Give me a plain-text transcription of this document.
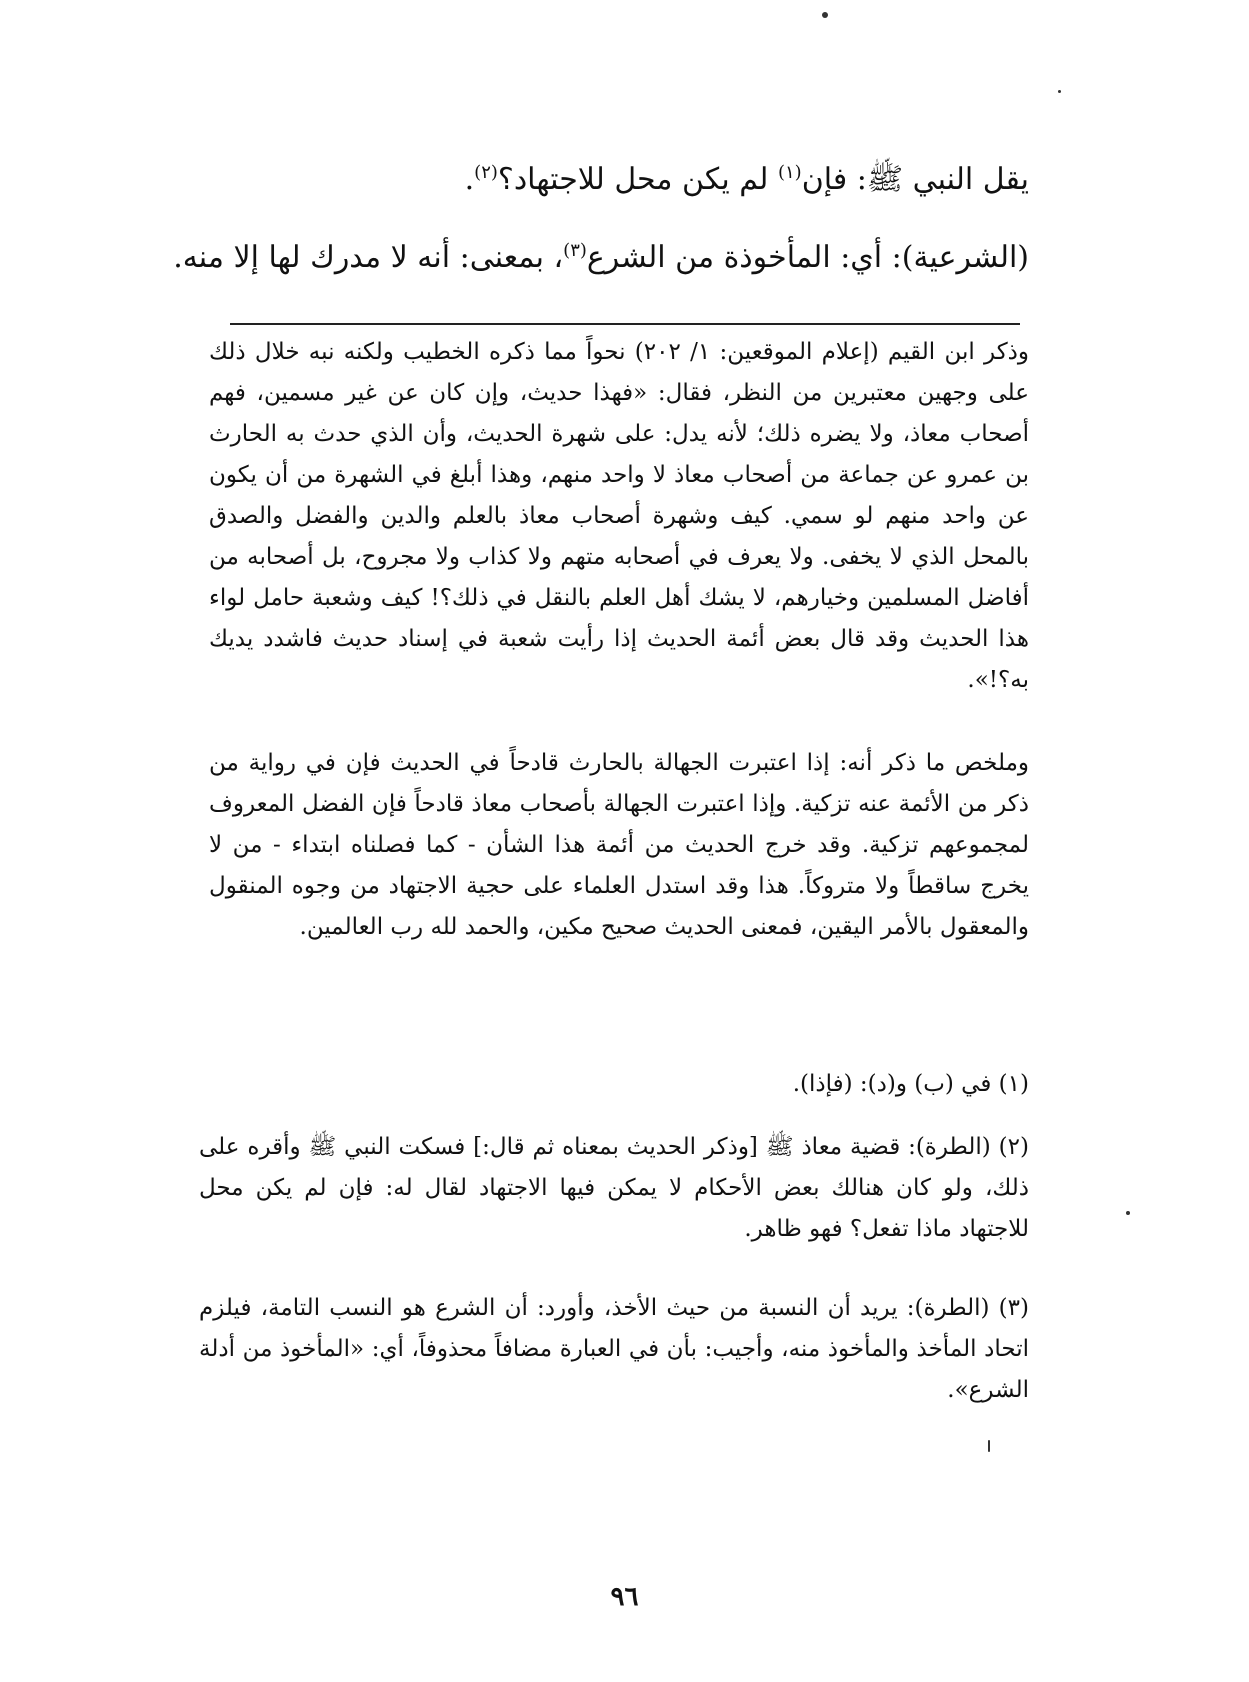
يقل النبي ﷺ: فإن$^{(١)}$ لم يكن محل للاجتهاد؟$^{(٢)}$.
(الشرعية): أي: المأخوذة من الشرع$^{(٣)}$، بمعنى: أنه لا مدرك لها إلا منه.
وذكر ابن القيم (إعلام الموقعين: ١/ ٢٠٢) نحواً مما ذكره الخطيب ولكنه نبه خلال ذلك على وجهين معتبرين من النظر، فقال: «فهذا حديث، وإن كان عن غير مسمين، فهم أصحاب معاذ، ولا يضره ذلك؛ لأنه يدل: على شهرة الحديث، وأن الذي حدث به الحارث بن عمرو عن جماعة من أصحاب معاذ لا واحد منهم، وهذا أبلغ في الشهرة من أن يكون عن واحد منهم لو سمي. كيف وشهرة أصحاب معاذ بالعلم والدين والفضل والصدق بالمحل الذي لا يخفى. ولا يعرف في أصحابه متهم ولا كذاب ولا مجروح، بل أصحابه من أفاضل المسلمين وخيارهم، لا يشك أهل العلم بالنقل في ذلك؟! كيف وشعبة حامل لواء هذا الحديث وقد قال بعض أئمة الحديث إذا رأيت شعبة في إسناد حديث فاشدد يديك به؟!».
وملخص ما ذكر أنه: إذا اعتبرت الجهالة بالحارث قادحاً في الحديث فإن في رواية من ذكر من الأئمة عنه تزكية. وإذا اعتبرت الجهالة بأصحاب معاذ قادحاً فإن الفضل المعروف لمجموعهم تزكية. وقد خرج الحديث من أئمة هذا الشأن - كما فصلناه ابتداء - من لا يخرج ساقطاً ولا متروكاً. هذا وقد استدل العلماء على حجية الاجتهاد من وجوه المنقول والمعقول بالأمر اليقين، فمعنى الحديث صحيح مكين، والحمد لله رب العالمين.
(١) في (ب) و(د): (فإذا).
(٢) (الطرة): قضية معاذ ﷺ [وذكر الحديث بمعناه ثم قال:] فسكت النبي ﷺ وأقره على ذلك، ولو كان هنالك بعض الأحكام لا يمكن فيها الاجتهاد لقال له: فإن لم يكن محل للاجتهاد ماذا تفعل؟ فهو ظاهر.
(٣) (الطرة): يريد أن النسبة من حيث الأخذ، وأورد: أن الشرع هو النسب التامة، فيلزم اتحاد المأخذ والمأخوذ منه، وأجيب: بأن في العبارة مضافاً محذوفاً، أي: «المأخوذ من أدلة الشرع».
٩٦
